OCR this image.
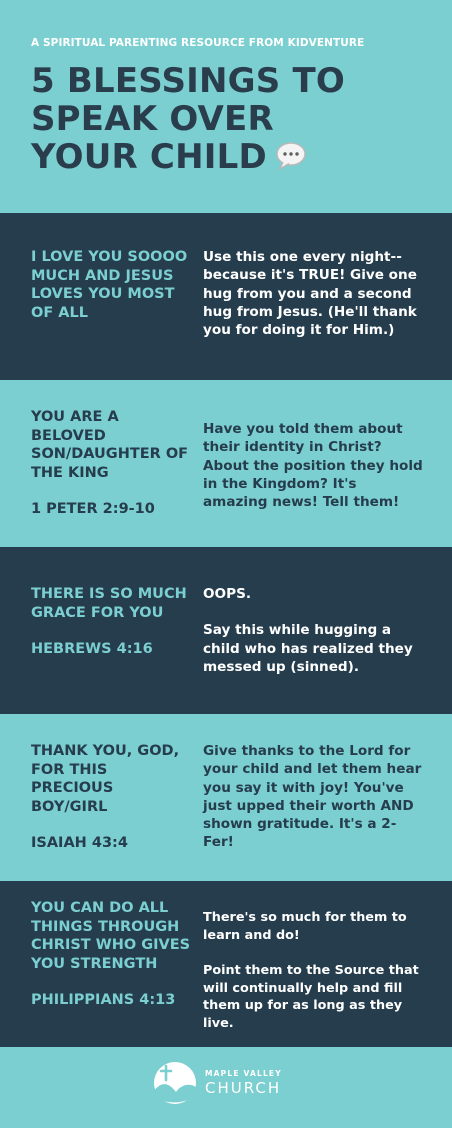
A SPIRITUAL PARENTING RESOURCE FROM KIDVENTURE
5 BLESSINGS TO
SPEAK OVER
YOUR CHILD
I LOVE YOU SOOOO MUCH AND JESUS LOVES YOU MOST OF ALL
Use this one every night--because it's TRUE! Give one hug from you and a second hug from Jesus. (He'll thank you for doing it for Him.)
YOU ARE A BELOVED SON/DAUGHTER OF THE KING
1 PETER 2:9-10
Have you told them about their identity in Christ? About the position they hold in the Kingdom? It's amazing news! Tell them!
THERE IS SO MUCH GRACE FOR YOU
HEBREWS 4:16
OOPS.
Say this while hugging a child who has realized they messed up (sinned).
THANK YOU, GOD, FOR THIS PRECIOUS BOY/GIRL
ISAIAH 43:4
Give thanks to the Lord for your child and let them hear you say it with joy! You've just upped their worth AND shown gratitude. It's a 2-Fer!
YOU CAN DO ALL THINGS THROUGH CHRIST WHO GIVES YOU STRENGTH
PHILIPPIANS 4:13
There's so much for them to learn and do!
Point them to the Source that will continually help and fill them up for as long as they live.
MAPLE VALLEY
CHURCH
